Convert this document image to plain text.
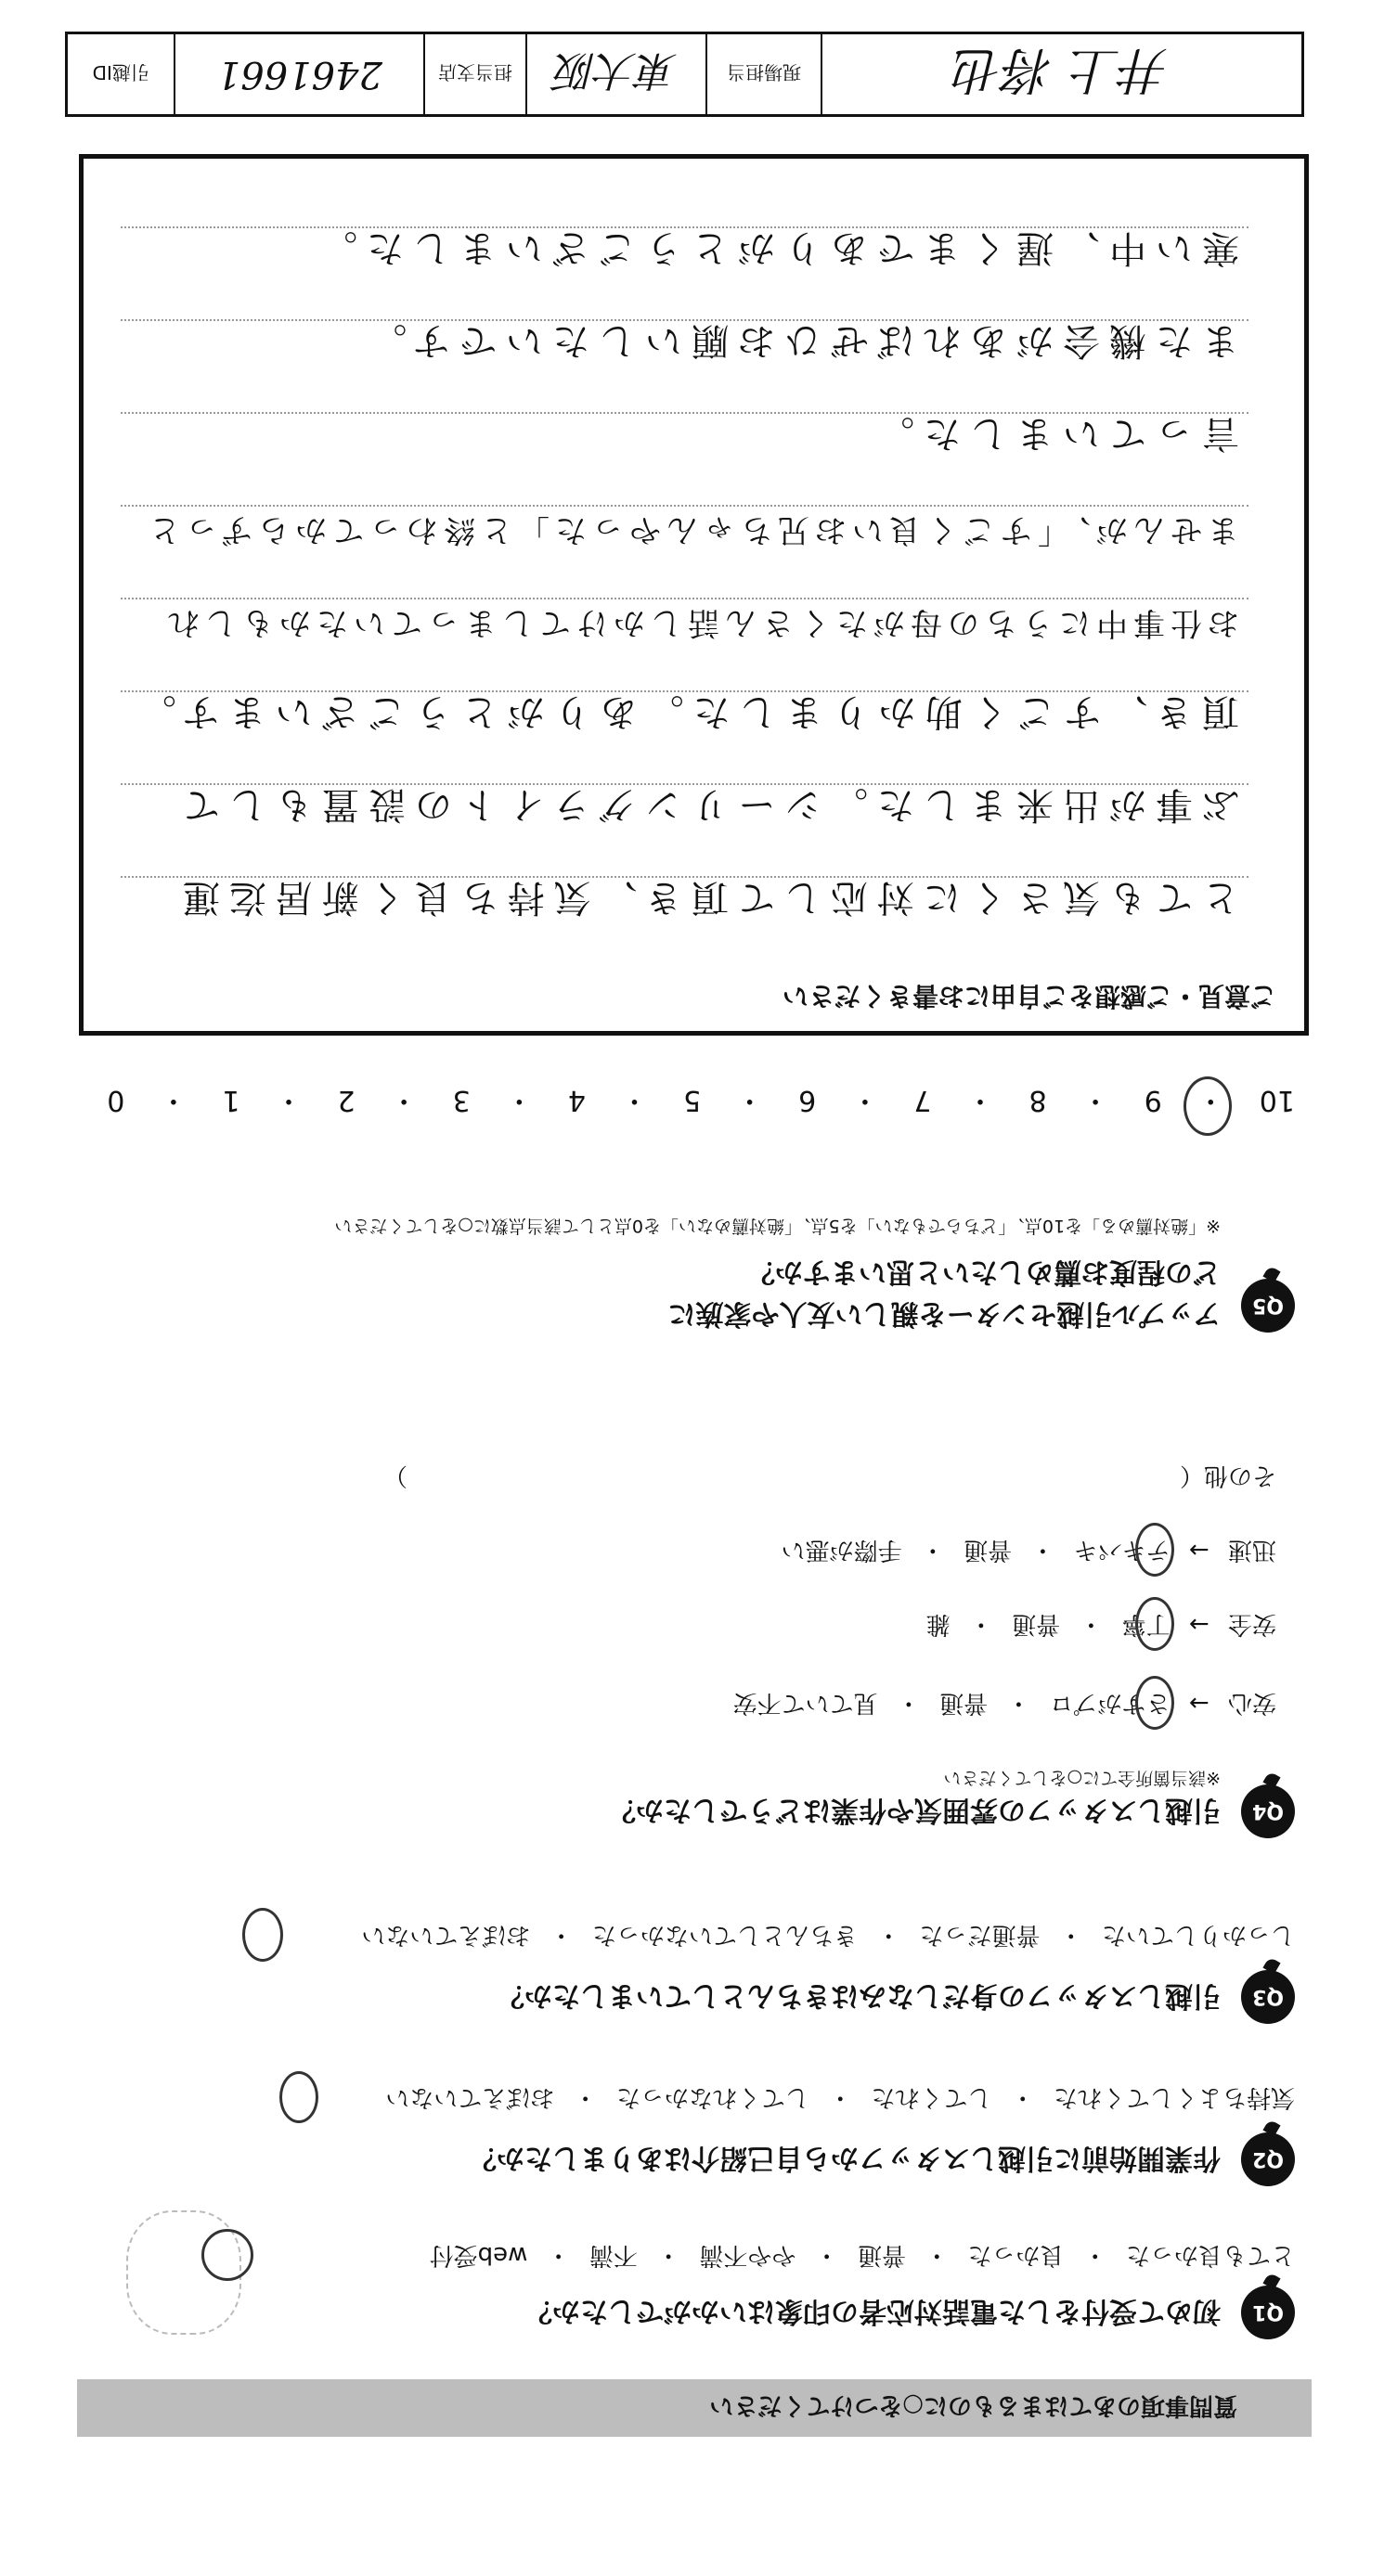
井上 将也
現場担当
東大阪
担当支店
2461661
引越ID
質問事項のあてはまるものに○をつけてください
Q1
初めて受付をした電話対応者の印象はいかがでしたか？
とても良かった ・ 良かった ・ 普通 ・ やや不満 ・ 不満 ・ web受付
Q2
作業開始前に引越しスタッフから自己紹介はありましたか？
気持ちよくしてくれた ・ してくれた ・ してくれなかった ・ おぼえていない
Q3
引越しスタッフの身だしなみはきちんとしていましたか？
しっかりしていた ・ 普通だった ・ きちんとしていなかった ・ おぼえていない
Q4
引越しスタッフの雰囲気や作業はどうでしたか？
※該当箇所全てに○をしてください
安心 → さすがプロ ・ 普通 ・ 見ていて不安
安全 → 丁寧 ・ 普通 ・ 雑
迅速 → テキパキ ・ 普通 ・ 手際が悪い
その他（　　　　　　　　　　　　　　　　　　　　　　　　　　　　　　　　）
Q5
アップル引越センターを親しい友人や家族に
どの程度お薦めしたいと思いますか？
※「絶対薦める」を10点、「どちらでもない」を5点、「絶対薦めない」を0点として該当点数に○をしてください
10 ・ 9 ・ 8 ・ 7 ・ 6 ・ 5 ・ 4 ・ 3 ・ 2 ・ 1 ・ 0
ご意見・ご感想をご自由にお書きください
とても気さくに対応して頂き、気持ち良く新居迄運
ぶ事が出来ました。シーリングライトの設置もして
頂き、すごく助かりました。ありがとうございます。
お仕事中にうちの母がたくさん話しかけてしまっていたかもしれ
ませんが、「すごく良いお兄ちゃんやった」と終わってからずっと
言っていました。
また機会があればぜひお願いしたいです。
寒い中、遅くまでありがとうございました。
